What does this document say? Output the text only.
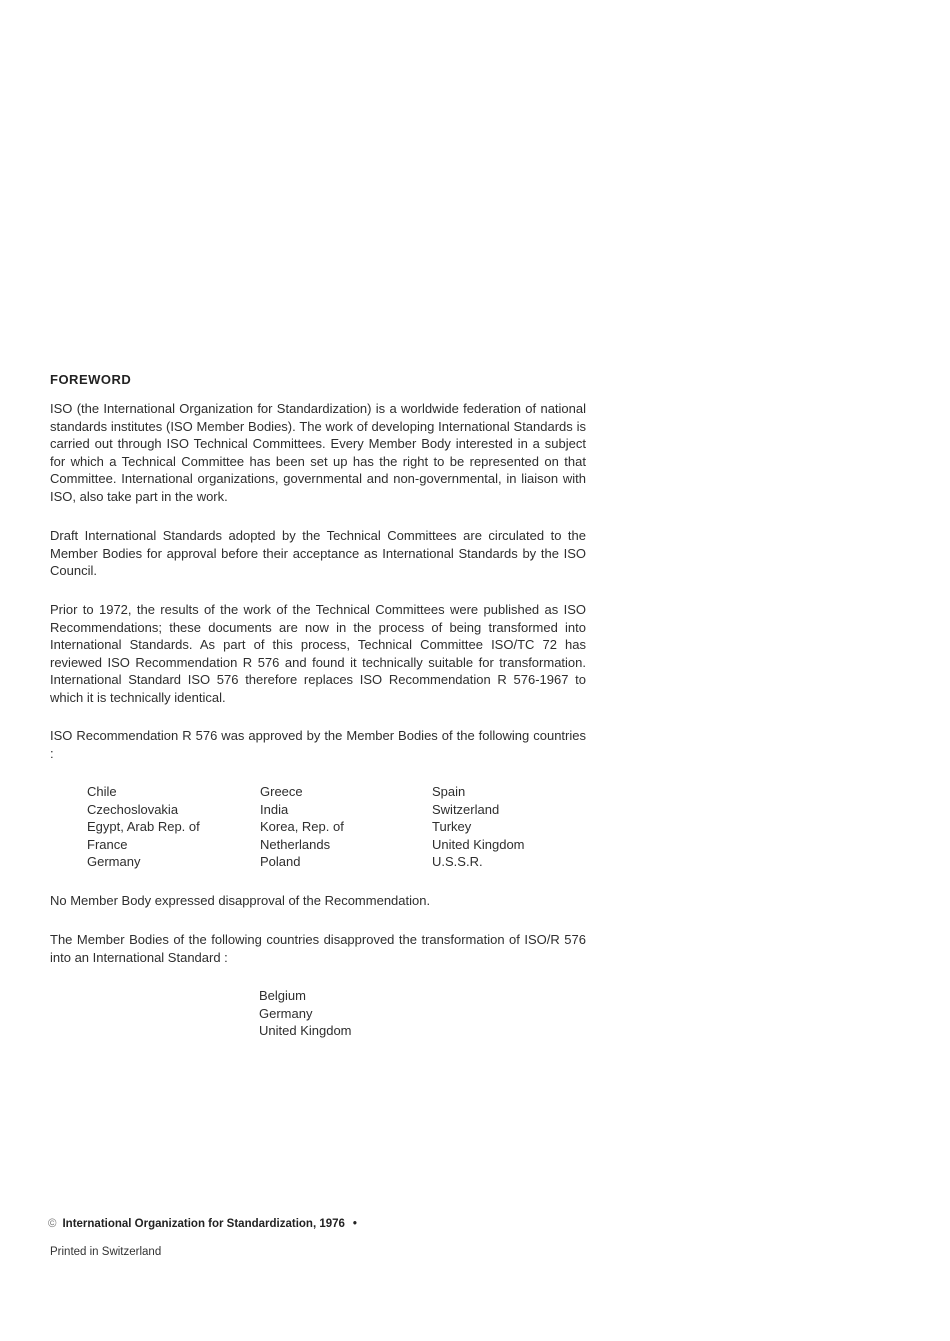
FOREWORD
ISO (the International Organization for Standardization) is a worldwide federation of national standards institutes (ISO Member Bodies). The work of developing International Standards is carried out through ISO Technical Committees. Every Member Body interested in a subject for which a Technical Committee has been set up has the right to be represented on that Committee. International organizations, governmental and non-governmental, in liaison with ISO, also take part in the work.
Draft International Standards adopted by the Technical Committees are circulated to the Member Bodies for approval before their acceptance as International Standards by the ISO Council.
Prior to 1972, the results of the work of the Technical Committees were published as ISO Recommendations; these documents are now in the process of being transformed into International Standards. As part of this process, Technical Committee ISO/TC 72 has reviewed ISO Recommendation R 576 and found it technically suitable for transformation. International Standard ISO 576 therefore replaces ISO Recommendation R 576-1967 to which it is technically identical.
ISO Recommendation R 576 was approved by the Member Bodies of the following countries :
Chile
Czechoslovakia
Egypt, Arab Rep. of
France
Germany
Greece
India
Korea, Rep. of
Netherlands
Poland
Spain
Switzerland
Turkey
United Kingdom
U.S.S.R.
No Member Body expressed disapproval of the Recommendation.
The Member Bodies of the following countries disapproved the transformation of ISO/R 576 into an International Standard :
Belgium
Germany
United Kingdom
© International Organization for Standardization, 1976 •
Printed in Switzerland
